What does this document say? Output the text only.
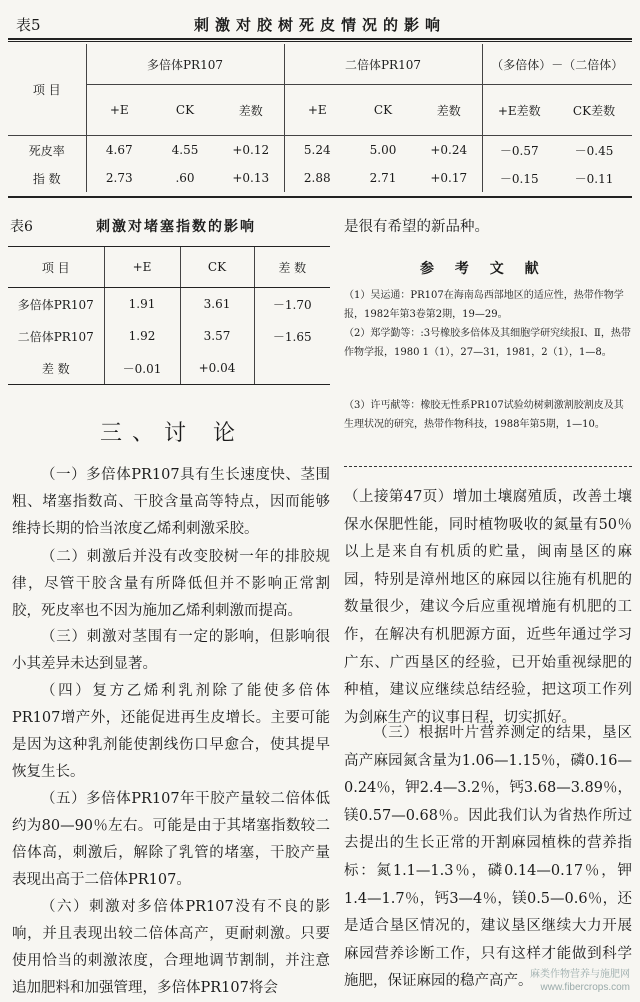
表5	刺激对胶树死皮情况的影响
项 目	多倍体PR107			二倍体PR107			（多倍体）－（二倍体）	
	+E	CK	差数	+E	CK	差数	+E差数	CK差数
死皮率	4.67	4.55	+0.12	5.24	5.00	+0.24	－0.57	－0.45
指 数	2.73	.60	+0.13	2.88	2.71	+0.17	－0.15	－0.11
表6	刺激对堵塞指数的影响
项 目	+E	CK	差 数
多倍体PR107	1.91	3.61	－1.70
二倍体PR107	1.92	3.57	－1.65
差 数	－0.01	+0.04	
三、讨 论

（一）多倍体PR107具有生长速度快、茎围粗、堵塞指数高、干胶含量高等特点，因而能够维持长期的恰当浓度乙烯利刺激采胶。

（二）刺激后并没有改变胶树一年的排胶规律，尽管干胶含量有所降低但并不影响正常割胶，死皮率也不因为施加乙烯利刺激而提高。

（三）刺激对茎围有一定的影响，但影响很小其差异未达到显著。

（四）复方乙烯利乳剂除了能使多倍体PR107增产外，还能促进再生皮增长。主要可能是因为这种乳剂能使割线伤口早愈合，使其提早恢复生长。

（五）多倍体PR107年干胶产量较二倍体低约为80—90％左右。可能是由于其堵塞指数较二倍体高，刺激后，解除了乳管的堵塞，干胶产量表现出高于二倍体PR107。

（六）刺激对多倍体PR107没有不良的影响，并且表现出较二倍体高产，更耐刺激。只要使用恰当的刺激浓度，合理地调节割制，并注意追加肥料和加强管理，多倍体PR107将会

是很有希望的新品种。

参 考 文 献

（1）吴运通：PR107在海南岛西部地区的适应性，热带作物学报，1982年第3卷第2期，19—29。

（2）郑学勤等：:3号橡胶多倍体及其细胞学研究续报Ⅰ、Ⅱ，热带作物学报，1980 1（1），27—31，1981，2（1），1—8。

（3）许丐献等：橡胶无性系PR107试验幼树刺激割胶割皮及其生理状况的研究，热带作物科技，1988年第5期，1—10。

（上接第47页）增加土壤腐殖质，改善土壤保水保肥性能，同时植物吸收的氮量有50％以上是来自有机质的贮量，闽南垦区的麻园，特别是漳州地区的麻园以往施有机肥的数量很少，建议今后应重视增施有机肥的工作，在解决有机肥源方面，近些年通过学习广东、广西垦区的经验，已开始重视绿肥的种植，建议应继续总结经验，把这项工作列为剑麻生产的议事日程，切实抓好。

（三）根据叶片营养测定的结果，垦区高产麻园氮含量为1.06—1.15％，磷0.16—0.24％，钾2.4—3.2％，钙3.68—3.89％，镁0.57—0.68％。因此我们认为省热作所过去提出的生长正常的开割麻园植株的营养指标：氮1.1—1.3％，磷0.14—0.17％，钾1.4—1.7％，钙3—4％，镁0.5—0.6％，还是适合垦区情况的，建议垦区继续大力开展麻园营养诊断工作，只有这样才能做到科学施肥，保证麻园的稳产高产。

麻类作物营养与施肥网
www.fibercrops.com
